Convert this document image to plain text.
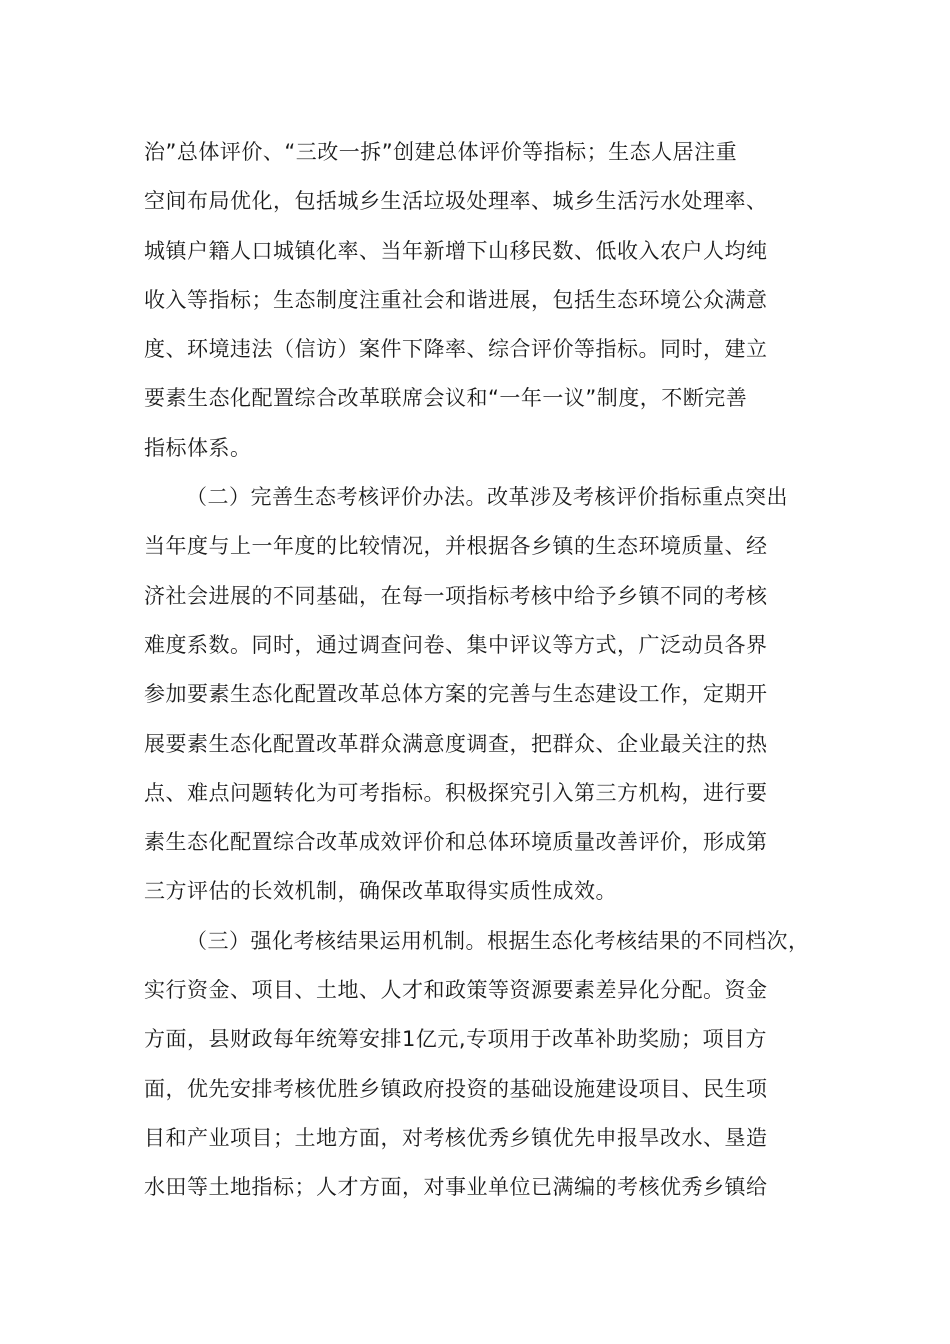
治”总体评价、“三改一拆”创建总体评价等指标；生态人居注重
空间布局优化，包括城乡生活垃圾处理率、城乡生活污水处理率、
城镇户籍人口城镇化率、当年新增下山移民数、低收入农户人均纯
收入等指标；生态制度注重社会和谐进展，包括生态环境公众满意
度、环境违法（信访）案件下降率、综合评价等指标。同时，建立
要素生态化配置综合改革联席会议和“一年一议”制度，不断完善
指标体系。
（二）完善生态考核评价办法。改革涉及考核评价指标重点突出
当年度与上一年度的比较情况，并根据各乡镇的生态环境质量、经
济社会进展的不同基础，在每一项指标考核中给予乡镇不同的考核
难度系数。同时，通过调查问卷、集中评议等方式，广泛动员各界
参加要素生态化配置改革总体方案的完善与生态建设工作，定期开
展要素生态化配置改革群众满意度调查，把群众、企业最关注的热
点、难点问题转化为可考指标。积极探究引入第三方机构，进行要
素生态化配置综合改革成效评价和总体环境质量改善评价，形成第
三方评估的长效机制，确保改革取得实质性成效。
（三）强化考核结果运用机制。根据生态化考核结果的不同档次，
实行资金、项目、土地、人才和政策等资源要素差异化分配。资金
方面，县财政每年统筹安排1亿元,专项用于改革补助奖励；项目方
面，优先安排考核优胜乡镇政府投资的基础设施建设项目、民生项
目和产业项目；土地方面，对考核优秀乡镇优先申报旱改水、垦造
水田等土地指标；人才方面，对事业单位已满编的考核优秀乡镇给
